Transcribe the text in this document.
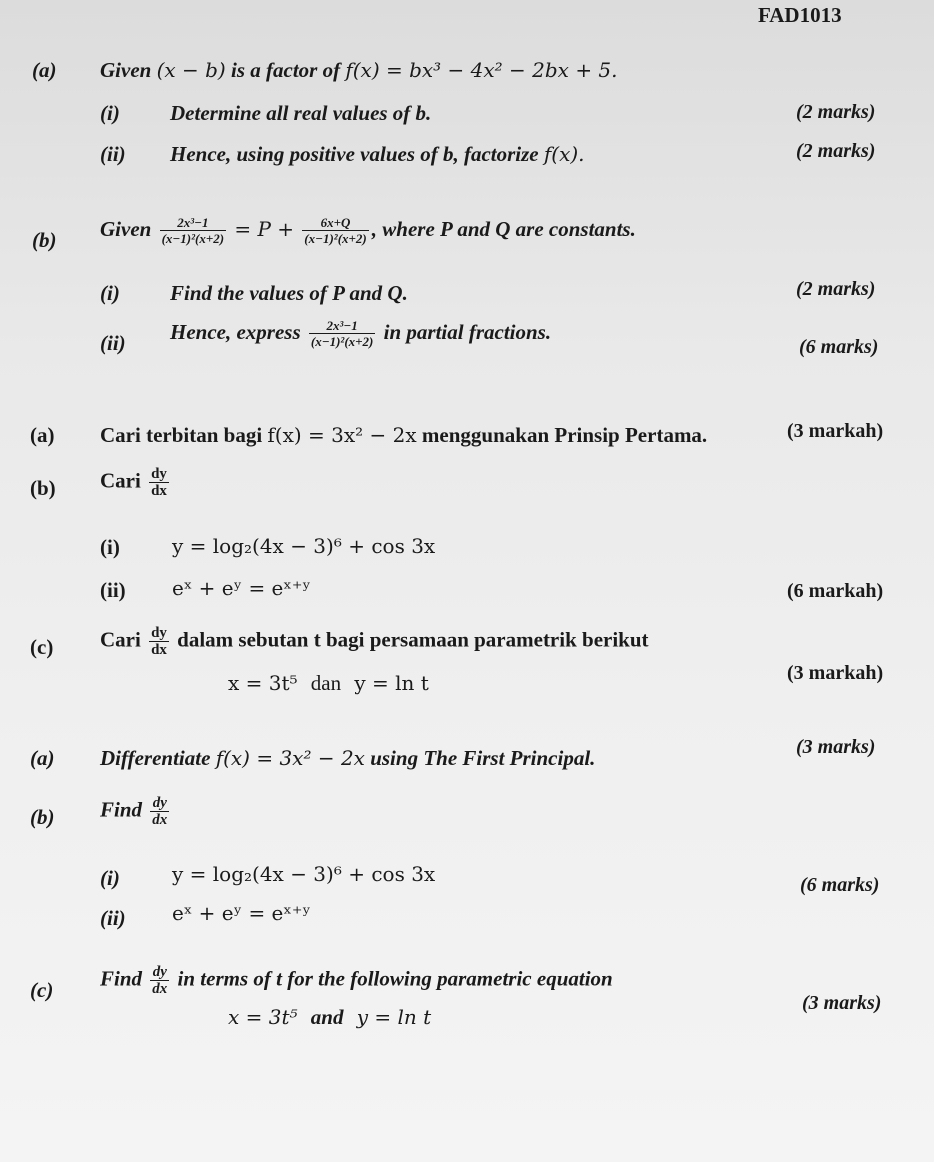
FAD1013
(a) Given (x − b) is a factor of f(x) = bx³ − 4x² − 2bx + 5.
(i) Determine all real values of b.	(2 marks)
(ii) Hence, using positive values of b, factorize f(x).	(2 marks)
(b) Given $\frac{\text{2x³−1}}{\text{(x−1)²(x+2)}} = P + \frac{6x+Q}{\text{(x−1)²(x+2)}}$ , where P and Q are constants.
(i) Find the values of P and Q.	(2 marks)
(ii) Hence, express $\frac{\text{2x³−1}}{\text{(x−1)²(x+2)}}$ in partial fractions.
(6 marks)
(a) Cari terbitan bagi f(x) = 3x² − 2x menggunakan Prinsip Pertama.	(3 markah)
(b) Cari $\frac{dy}{dx}$
(i)	y = log₂(4x − 3)⁶ + cos 3x
(ii) eˣ + eʸ = eˣ⁺ʸ	(6 markah)
(c) Cari $\frac{dy}{dx}$ dalam sebutan t bagi persamaan parametrik berikut
x = 3t⁵ dan y = ln t	(3 markah)
(a) Differentiate f(x) = 3x² − 2x using The First Principal.	(3 marks)
(b) Find $\frac{dy}{dx}$
(i)	y = log₂(4x − 3)⁶ + cos 3x
(ii) eˣ + eʸ = eˣ⁺ʸ
(6 marks)
(c) Find $\frac{dy}{dx}$ in terms of t for the following parametric equation
x = 3t⁵ and y = ln t
(3 marks)
